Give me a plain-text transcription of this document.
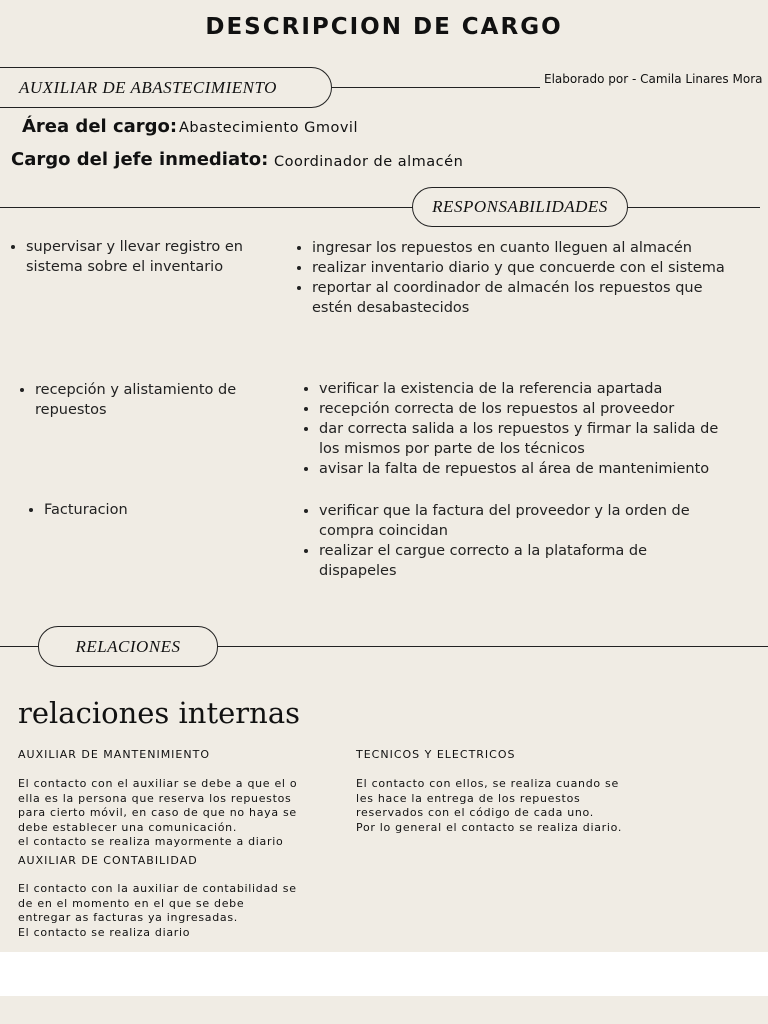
DESCRIPCION DE CARGO
AUXILIAR DE ABASTECIMIENTO	Elaborado por - Camila Linares Mora
Área del cargo: Abastecimiento Gmovil
Cargo del jefe inmediato: Coordinador de almacén
RESPONSABILIDADES
• supervisar y llevar registro en sistema sobre el inventario
• ingresar los repuestos en cuanto lleguen al almacén
• realizar inventario diario y que concuerde con el sistema
• reportar al coordinador de almacén los repuestos que estén desabastecidos
• recepción y alistamiento de repuestos
• verificar la existencia de la referencia apartada
• recepción correcta de los repuestos al proveedor
• dar correcta salida a los repuestos y firmar la salida de los mismos por parte de los técnicos
• avisar la falta de repuestos al área de mantenimiento
• Facturacion
•	verificar que la factura del proveedor y la orden de compra coincidan
• realizar el cargue correcto a la plataforma de dispapeles
RELACIONES
relaciones internas
AUXILIAR DE MANTENIMIENTO
El contacto con el auxiliar se debe a que el o
ella es la persona que reserva los repuestos
para cierto móvil, en caso de que no haya se
debe establecer una comunicación.
el contacto se realiza mayormente a diario
TECNICOS Y ELECTRICOS
El contacto con ellos, se realiza cuando se
les hace la entrega de los repuestos
reservados con el código de cada uno.
Por lo general el contacto se realiza diario.
AUXILIAR DE CONTABILIDAD
El contacto con la auxiliar de contabilidad se
de en el momento en el que se debe
entregar as facturas ya ingresadas.
El contacto se realiza diario
